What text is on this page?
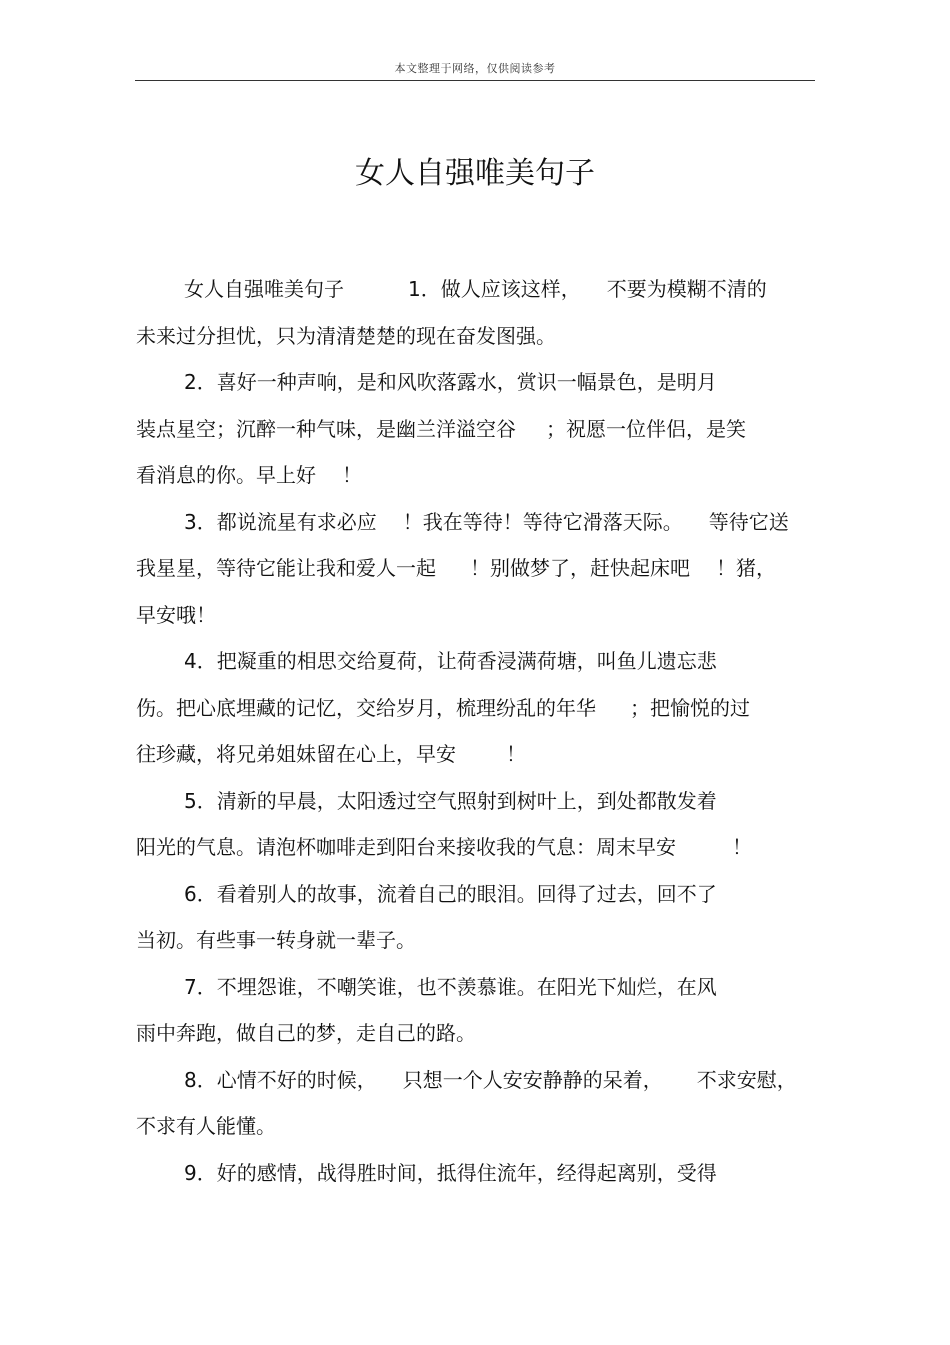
本文整理于网络，仅供阅读参考
女人自强唯美句子
女人自强唯美句子	1．做人应该这样， 不要为模糊不清的
未来过分担忧，只为清清楚楚的现在奋发图强。
2．喜好一种声响，是和风吹落露水，赏识一幅景色，是明月
装点星空；沉醉一种气味，是幽兰洋溢空谷 ；祝愿一位伴侣，是笑
看消息的你。早上好 ！
3．都说流星有求必应 ！我在等待！等待它滑落天际。 等待它送
我星星，等待它能让我和爱人一起 ！别做梦了，赶快起床吧 ！猪，
早安哦！
4．把凝重的相思交给夏荷，让荷香浸满荷塘，叫鱼儿遗忘悲
伤。把心底埋藏的记忆，交给岁月，梳理纷乱的年华 ；把愉悦的过
往珍藏，将兄弟姐妹留在心上，早安	！
5．清新的早晨，太阳透过空气照射到树叶上，到处都散发着
阳光的气息。请泡杯咖啡走到阳台来接收我的气息：周末早安	！
6．看着别人的故事，流着自己的眼泪。回得了过去，回不了
当初。有些事一转身就一辈子。
7．不埋怨谁，不嘲笑谁，也不羡慕谁。在阳光下灿烂，在风
雨中奔跑，做自己的梦，走自己的路。
8．心情不好的时候， 只想一个人安安静静的呆着， 不求安慰，
不求有人能懂。
9．好的感情，战得胜时间，抵得住流年，经得起离别，受得
